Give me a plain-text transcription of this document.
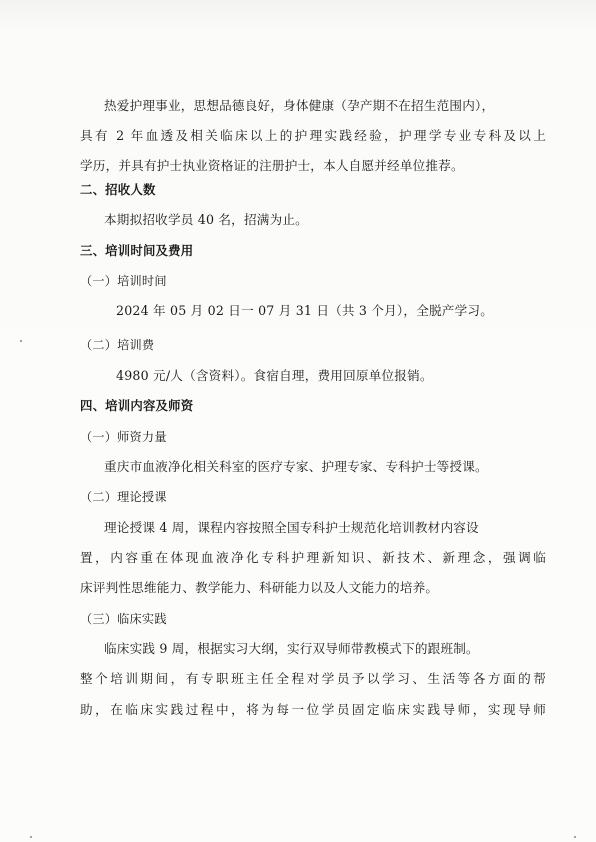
热爱护理事业，思想品德良好，身体健康（孕产期不在招生范围内），
具有 2 年血透及相关临床以上的护理实践经验，护理学专业专科及以上
学历，并具有护士执业资格证的注册护士，本人自愿并经单位推荐。
二、招收人数
本期拟招收学员 40 名，招满为止。
三、培训时间及费用
（一）培训时间
2024 年 05 月 02 日一 07 月 31 日（共 3 个月），全脱产学习。
（二）培训费
4980 元/人（含资料）。食宿自理，费用回原单位报销。
四、培训内容及师资
（一）师资力量
重庆市血液净化相关科室的医疗专家、护理专家、专科护士等授课。
（二）理论授课
理论授课 4 周，课程内容按照全国专科护士规范化培训教材内容设
置，内容重在体现血液净化专科护理新知识、新技术、新理念，强调临
床评判性思维能力、教学能力、科研能力以及人文能力的培养。
（三）临床实践
临床实践 9 周，根据实习大纲，实行双导师带教模式下的跟班制。
整个培训期间，有专职班主任全程对学员予以学习、生活等各方面的帮
助，在临床实践过程中，将为每一位学员固定临床实践导师，实现导师
